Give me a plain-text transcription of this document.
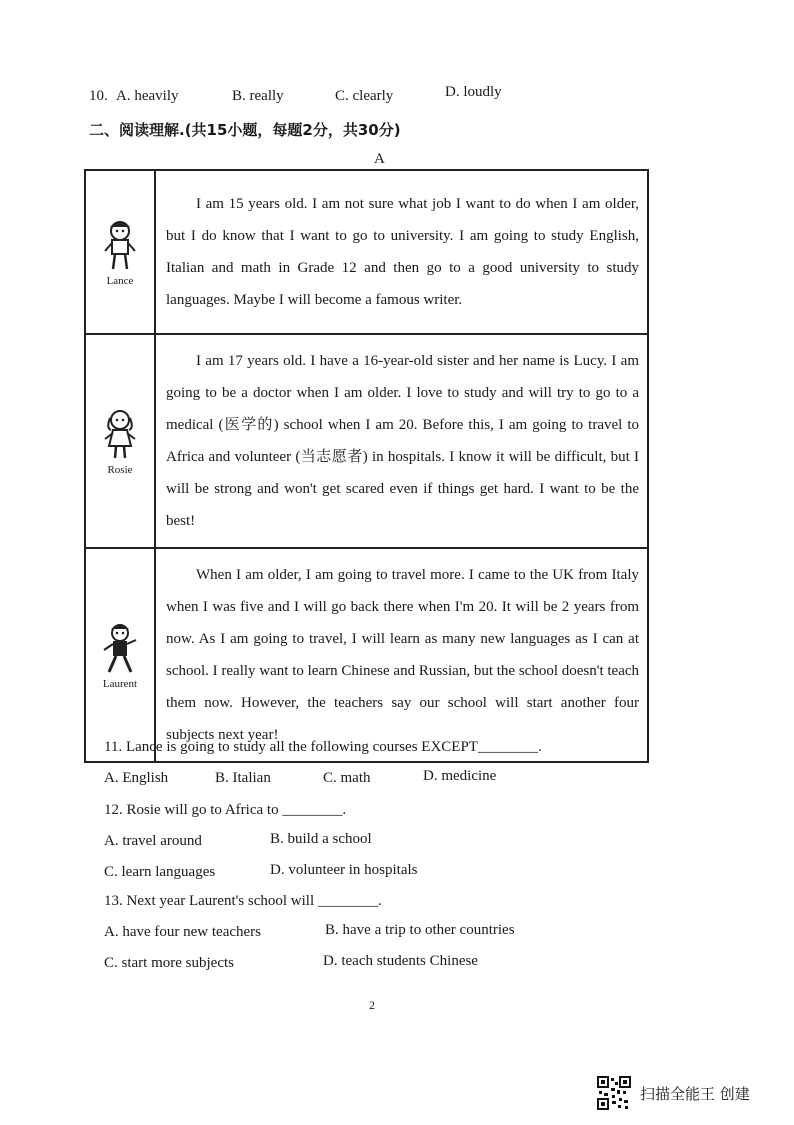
10. A. heavily	B. really	C. clearly	D. loudly
二、阅读理解.(共15小题，每题2分，共30分)
A
Lance	I am 15 years old. I am not sure what job I want to do when I am older, but I do know that I want to go to university. I am going to study English, Italian and math in Grade 12 and then go to a good university to study languages. Maybe I will become a famous writer.

Rosie	I am 17 years old. I have a 16-year-old sister and her name is Lucy. I am going to be a doctor when I am older. I love to study and will try to go to a medical (医学的) school when I am 20. Before this, I am going to travel to Africa and volunteer (当志愿者) in hospitals. I know it will be difficult, but I will be strong and won't get scared even if things get hard. I want to be the best!

Laurent	When I am older, I am going to travel more. I came to the UK from Italy when I was five and I will go back there when I'm 20. It will be 2 years from now. As I am going to travel, I will learn as many new languages as I can at school. I really want to learn Chinese and Russian, but the school doesn't teach them now. However, the teachers say our school will start another four subjects next year!

11. Lance is going to study all the following courses EXCEPT________.
A. English	B. Italian	C. math	D. medicine
12. Rosie will go to Africa to ________.
A. travel around	B. build a school
C. learn languages	D. volunteer in hospitals
13. Next year Laurent's school will ________.
A. have four new teachers	B. have a trip to other countries
C. start more subjects	D. teach students Chinese
2
扫描全能王 创建
